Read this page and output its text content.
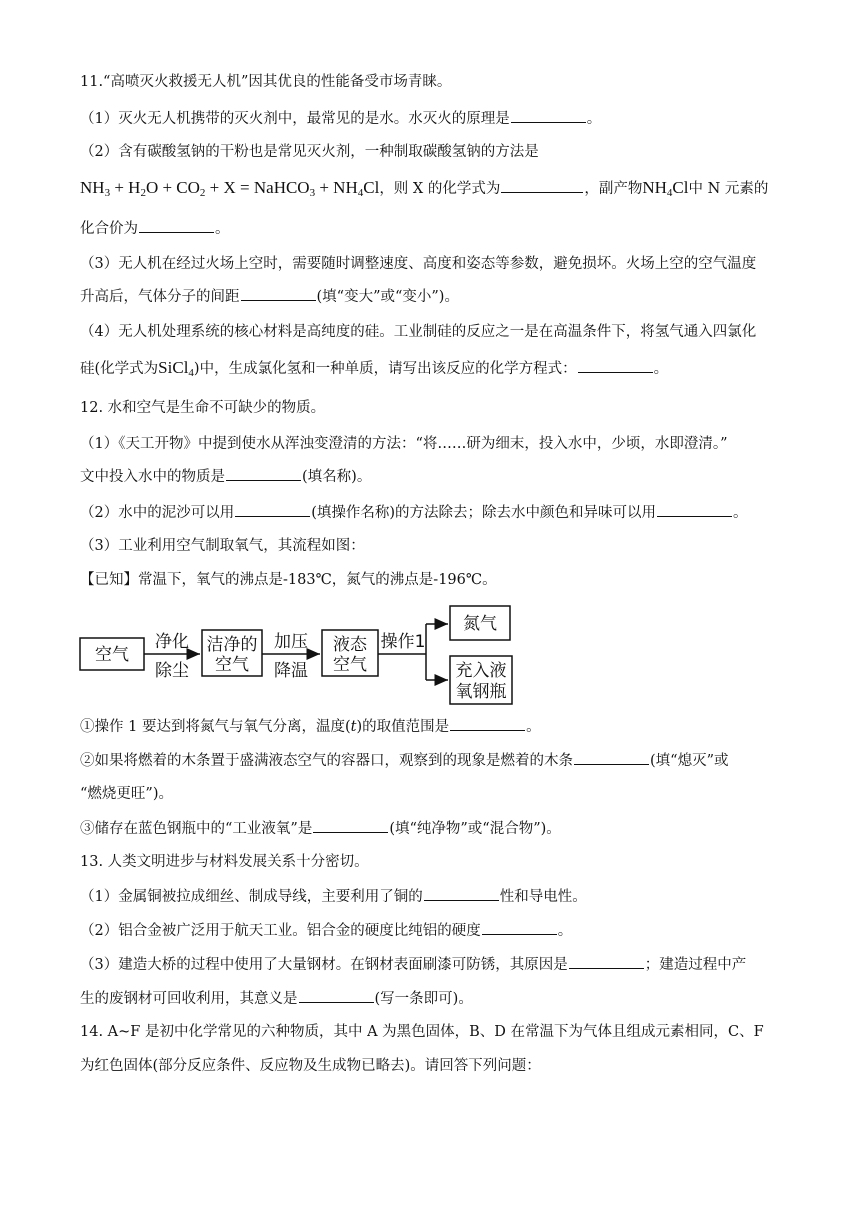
11.“高喷灭火救援无人机”因其优良的性能备受市场青睐。
（1）灭火无人机携带的灭火剂中，最常见的是水。水灭火的原理是	。
（2）含有碳酸氢钠的干粉也是常见灭火剂，一种制取碳酸氢钠的方法是
$NH_3 + H_2O + CO_2 + X$ = NaHCO$_3$ + $NH_4Cl$，则 X 的化学式为	，副产物$NH_4Cl$中 N 元素的
化合价为	。
（3）无人机在经过火场上空时，需要随时调整速度、高度和姿态等参数，避免损坏。火场上空的空气温度
升高后，气体分子的间距	(填“变大”或“变小”)。
（4）无人机处理系统的核心材料是高纯度的硅。工业制硅的反应之一是在高温条件下，将氢气通入四氯化
硅(化学式为SiCl$_4$)中，生成氯化氢和一种单质，请写出该反应的化学方程式：	。
12. 水和空气是生命不可缺少的物质。
（1）《天工开物》中提到使水从浑浊变澄清的方法：“将……研为细末，投入水中，少顷，水即澄清。”
文中投入水中的物质是	(填名称)。
（2）水中的泥沙可以用	(填操作名称)的方法除去；除去水中颜色和异味可以用	。
（3）工业利用空气制取氧气，其流程如图：
【已知】常温下，氧气的沸点是-183℃，氮气的沸点是-196℃。
空气
净化
除尘
洁净的
空气
加压
降温
液态
空气
操作1
氮气
充入液
氧钢瓶
①操作 1 要达到将氮气与氧气分离，温度(t)的取值范围是	。
②如果将燃着的木条置于盛满液态空气的容器口，观察到的现象是燃着的木条	(填“熄灭”或
“燃烧更旺”)。
③储存在蓝色钢瓶中的“工业液氧”是	(填“纯净物”或“混合物”)。
13. 人类文明进步与材料发展关系十分密切。
（1）金属铜被拉成细丝、制成导线，主要利用了铜的	性和导电性。
（2）铝合金被广泛用于航天工业。铝合金的硬度比纯铝的硬度	。
（3）建造大桥的过程中使用了大量钢材。在钢材表面刷漆可防锈，其原因是	；建造过程中产
生的废钢材可回收利用，其意义是	(写一条即可)。
14. A~F 是初中化学常见的六种物质，其中 A 为黑色固体，B、D 在常温下为气体且组成元素相同，C、F
为红色固体(部分反应条件、反应物及生成物已略去)。请回答下列问题：
